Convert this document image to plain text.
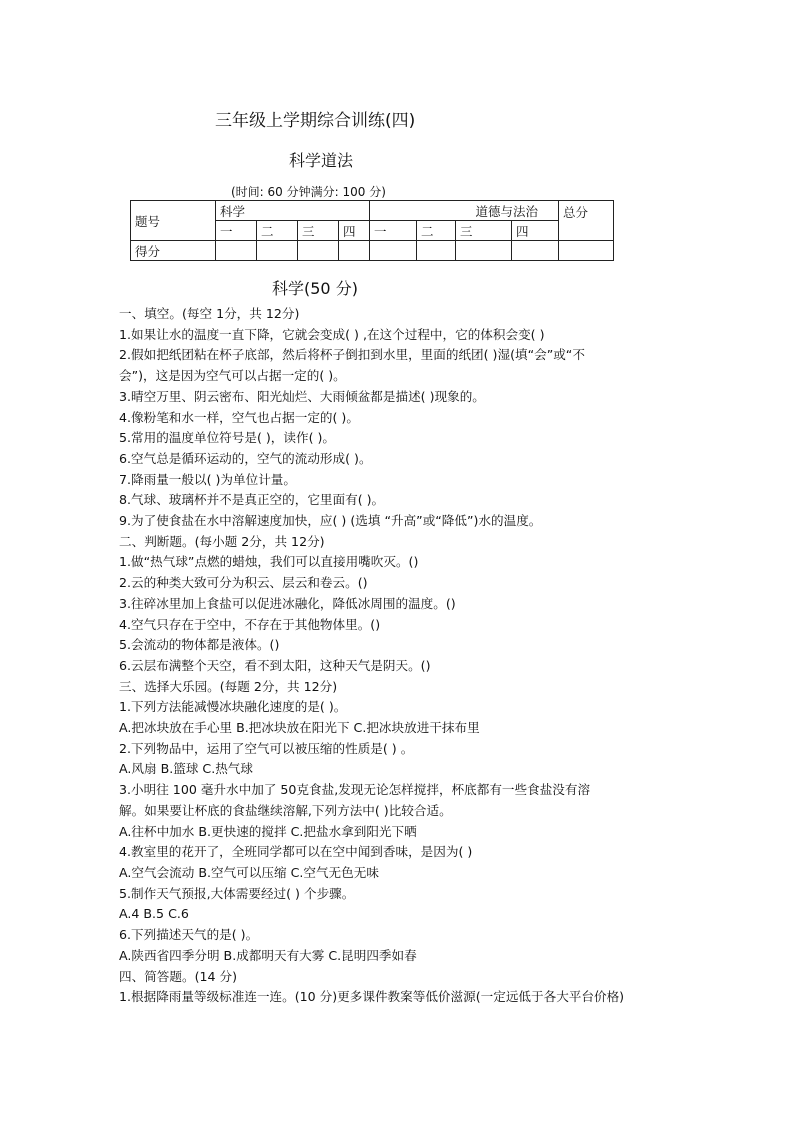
三年级上学期综合训练(四)
科学道法
(时间: 60 分钟满分: 100 分)
题号	科学				道德与法治				总分
	一	二	三	四	一	二	三	四	
得分									
科学(50 分)
一、填空。(每空 1分，共 12分)
1.如果让水的温度一直下降，它就会变成( ) ,在这个过程中，它的体积会变( )
2.假如把纸团粘在杯子底部，然后将杯子倒扣到水里，里面的纸团( )湿(填“会”或“不
会”)，这是因为空气可以占据一定的( )。
3.晴空万里、阴云密布、阳光灿烂、大雨倾盆都是描述( )现象的。
4.像粉笔和水一样，空气也占据一定的( )。
5.常用的温度单位符号是( )，读作( )。
6.空气总是循环运动的，空气的流动形成( )。
7.降雨量一般以( )为单位计量。
8.气球、玻璃杯并不是真正空的，它里面有( )。
9.为了使食盐在水中溶解速度加快，应( ) (选填 “升高”或“降低”)水的温度。
二、判断题。(每小题 2分，共 12分)
1.做“热气球”点燃的蜡烛，我们可以直接用嘴吹灭。()
2.云的种类大致可分为积云、层云和卷云。()
3.往碎冰里加上食盐可以促进冰融化，降低冰周围的温度。()
4.空气只存在于空中，不存在于其他物体里。()
5.会流动的物体都是液体。()
6.云层布满整个天空，看不到太阳，这种天气是阴天。()
三、选择大乐园。(每题 2分，共 12分)
1.下列方法能减慢冰块融化速度的是( )。
A.把冰块放在手心里 B.把冰块放在阳光下 C.把冰块放进干抹布里
2.下列物品中，运用了空气可以被压缩的性质是( ) 。
A.风扇 B.篮球 C.热气球
3.小明往 100 毫升水中加了 50克食盐,发现无论怎样搅拌，杯底都有一些食盐没有溶
解。如果要让杯底的食盐继续溶解,下列方法中( )比较合适。
A.往杯中加水 B.更快速的搅拌 C.把盐水拿到阳光下晒
4.教室里的花开了，全班同学都可以在空中闻到香味，是因为( )
A.空气会流动 B.空气可以压缩 C.空气无色无味
5.制作天气预报,大体需要经过( ) 个步骤。
A.4 B.5 C.6
6.下列描述天气的是( )。
A.陕西省四季分明 B.成都明天有大雾 C.昆明四季如春
四、简答题。(14 分)
1.根据降雨量等级标准连一连。(10 分)更多课件教案等低价滋源(一定远低于各大平台价格)
